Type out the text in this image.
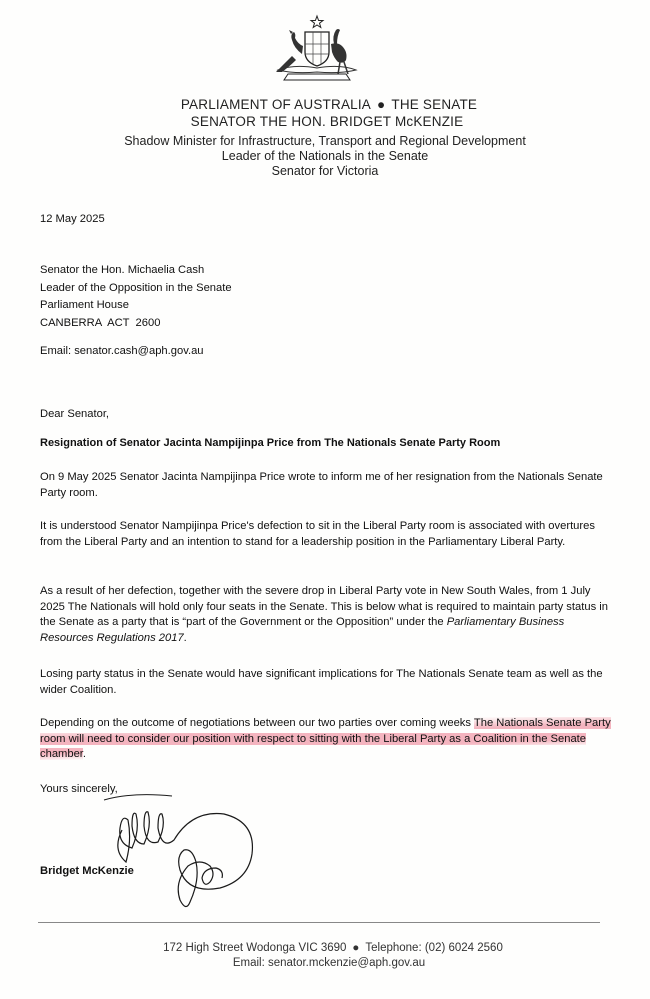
PARLIAMENT OF AUSTRALIA ● THE SENATE
SENATOR THE HON. BRIDGET McKENZIE
Shadow Minister for Infrastructure, Transport and Regional Development
Leader of the Nationals in the Senate
Senator for Victoria
12 May 2025
Senator the Hon. Michaelia Cash
Leader of the Opposition in the Senate
Parliament House
CANBERRA  ACT  2600
Email: senator.cash@aph.gov.au
Dear Senator,
Resignation of Senator Jacinta Nampijinpa Price from The Nationals Senate Party Room
On 9 May 2025 Senator Jacinta Nampijinpa Price wrote to inform me of her resignation from the Nationals Senate Party room.
It is understood Senator Nampijinpa Price's defection to sit in the Liberal Party room is associated with overtures from the Liberal Party and an intention to stand for a leadership position in the Parliamentary Liberal Party.
As a result of her defection, together with the severe drop in Liberal Party vote in New South Wales, from 1 July 2025 The Nationals will hold only four seats in the Senate. This is below what is required to maintain party status in the Senate as a party that is “part of the Government or the Opposition” under the Parliamentary Business Resources Regulations 2017.
Losing party status in the Senate would have significant implications for The Nationals Senate team as well as the wider Coalition.
Depending on the outcome of negotiations between our two parties over coming weeks The Nationals Senate Party room will need to consider our position with respect to sitting with the Liberal Party as a Coalition in the Senate chamber.
Yours sincerely,
Bridget McKenzie
172 High Street Wodonga VIC 3690 ● Telephone: (02) 6024 2560
Email: senator.mckenzie@aph.gov.au
